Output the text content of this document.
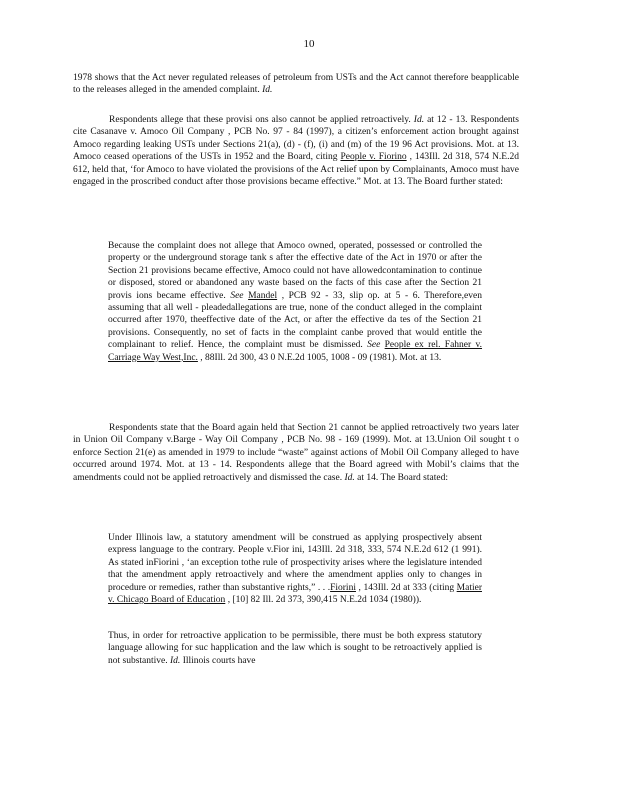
10

1978 shows that the Act never regulated releases of petroleum from USTs and the Act cannot therefore beapplicable to the releases alleged in the amended complaint. Id.

Respondents allege that these provisi ons also cannot be applied retroactively. Id. at 12 - 13. Respondents cite Casanave v. Amoco Oil Company , PCB No. 97 - 84 (1997), a citizen’s enforcement action brought against Amoco regarding leaking USTs under Sections 21(a), (d) - (f), (i) and (m) of the 19 96 Act provisions. Mot. at 13. Amoco ceased operations of the USTs in 1952 and the Board, citing People v. Fiorino , 143Ill. 2d 318, 574 N.E.2d 612, held that, ‘for Amoco to have violated the provisions of the Act relief upon by Complainants, Amoco must have engaged in the proscribed conduct after those provisions became effective.” Mot. at 13. The Board further stated:

Because the complaint does not allege that Amoco owned, operated, possessed or controlled the property or the underground storage tank s after the effective date of the Act in 1970 or after the Section 21 provisions became effective, Amoco could not have allowedcontamination to continue or disposed, stored or abandoned any waste based on the facts of this case after the Section 21 provis ions became effective. See Mandel , PCB 92 - 33, slip op. at 5 - 6. Therefore,even assuming that all well - pleadedallegations are true, none of the conduct alleged in the complaint occurred after 1970, theeffective date of the Act, or after the effective da tes of the Section 21 provisions. Consequently, no set of facts in the complaint canbe proved that would entitle the complainant to relief. Hence, the complaint must be dismissed. See People ex rel. Fahner v. Carriage Way West,Inc. , 88Ill. 2d 300, 43 0 N.E.2d 1005, 1008 - 09 (1981). Mot. at 13.

Respondents state that the Board again held that Section 21 cannot be applied retroactively two years later in Union Oil Company v.Barge - Way Oil Company , PCB No. 98 - 169 (1999). Mot. at 13.Union Oil sought t o enforce Section 21(e) as amended in 1979 to include “waste” against actions of Mobil Oil Company alleged to have occurred around 1974. Mot. at 13 - 14. Respondents allege that the Board agreed with Mobil’s claims that the amendments could not be applied retroactively and dismissed the case. Id. at 14. The Board stated:

Under Illinois law, a statutory amendment will be construed as applying prospectively absent express language to the contrary. People v.Fior ini, 143Ill. 2d 318, 333, 574 N.E.2d 612 (1 991). As stated inFiorini , ‘an exception tothe rule of prospectivity arises where the legislature intended that the amendment apply retroactively and where the amendment applies only to changes in procedure or remedies, rather than substantive rights,” . . .Fiorini , 143Ill. 2d at 333 (citing Matier v. Chicago Board of Education , [10] 82 Ill. 2d 373, 390,415 N.E.2d 1034 (1980)).

Thus, in order for retroactive application to be permissible, there must be both express statutory language allowing for suc happlication and the law which is sought to be retroactively applied is not substantive. Id. Illinois courts have
